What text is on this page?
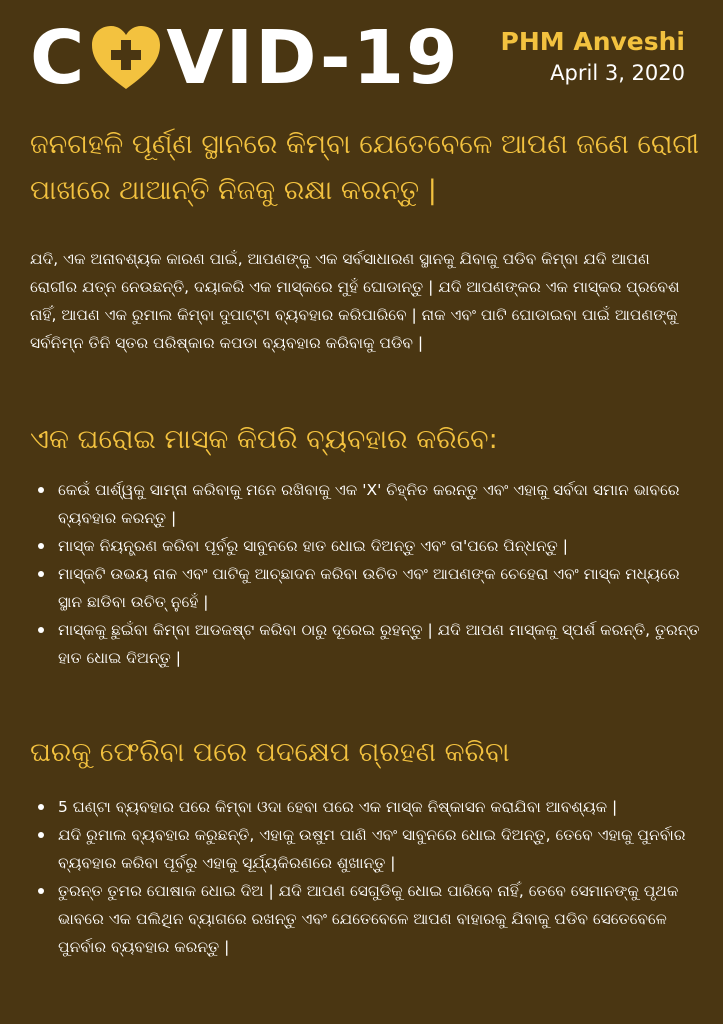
C VID-19 PHM Anveshi
April 3, 2020
ଜନଗହଳି ପୂର୍ଣ୍ଣ ସ୍ଥାନରେ କିମ୍ବା ଯେତେବେଳେ ଆପଣ ଜଣେ ରୋଗୀ ପାଖରେ ଥାଆନ୍ତି ନିଜକୁ ରକ୍ଷା କରନ୍ତୁ |
ଯଦି, ଏକ ଅନାବଶ୍ୟକ କାରଣ ପାଇଁ, ଆପଣଙ୍କୁ ଏକ ସର୍ବସାଧାରଣ ସ୍ଥାନକୁ ଯିବାକୁ ପଡିବ କିମ୍ବା ଯଦି ଆପଣ ରୋଗୀର ଯତ୍ନ ନେଉଛନ୍ତି, ଦୟାକରି ଏକ ମାସ୍କରେ ମୁହଁ ଘୋଡାନ୍ତୁ | ଯଦି ଆପଣଙ୍କର ଏକ ମାସ୍କର ପ୍ରବେଶ ନାହିଁ, ଆପଣ ଏକ ରୁମାଲ କିମ୍ବା ଦୁପାଟ୍ଟା ବ୍ୟବହାର କରିପାରିବେ | ନାକ ଏବଂ ପାଟି ଘୋଡାଇବା ପାଇଁ ଆପଣଙ୍କୁ ସର୍ବନିମ୍ନ ତିନି ସ୍ତର ପରିଷ୍କାର କପଡା ବ୍ୟବହାର କରିବାକୁ ପଡିବ |
ଏକ ଘରୋଇ ମାସ୍କ କିପରି ବ୍ୟବହାର କରିବେ:
କେଉଁ ପାର୍ଶ୍ୱକୁ ସାମ୍ନା କରିବାକୁ ମନେ ରଖିବାକୁ ଏକ 'X' ଚିହ୍ନିତ କରନ୍ତୁ ଏବଂ ଏହାକୁ ସର୍ବଦା ସମାନ ଭାବରେ ବ୍ୟବହାର କରନ୍ତୁ |
ମାସ୍କ ନିୟନ୍ତ୍ରଣ କରିବା ପୂର୍ବରୁ ସାବୁନରେ ହାତ ଧୋଇ ଦିଅନ୍ତୁ ଏବଂ ତା'ପରେ ପିନ୍ଧନ୍ତୁ |
ମାସ୍କଟି ଉଭୟ ନାକ ଏବଂ ପାଟିକୁ ଆଚ୍ଛାଦନ କରିବା ଉଚିତ ଏବଂ ଆପଣଙ୍କ ଚେହେରା ଏବଂ ମାସ୍କ ମଧ୍ୟରେ ସ୍ଥାନ ଛାଡିବା ଉଚିତ୍ ନୁହେଁ |
ମାସ୍କକୁ ଛୁଇଁବା କିମ୍ବା ଆଡଜଷ୍ଟ କରିବା ଠାରୁ ଦୂରେଇ ରୁହନ୍ତୁ | ଯଦି ଆପଣ ମାସ୍କକୁ ସ୍ପର୍ଶ କରନ୍ତି, ତୁରନ୍ତ ହାତ ଧୋଇ ଦିଅନ୍ତୁ |
ଘରକୁ ଫେରିବା ପରେ ପଦକ୍ଷେପ ଗ୍ରହଣ କରିବା
5 ଘଣ୍ଟା ବ୍ୟବହାର ପରେ କିମ୍ବା ଓଦା ହେବା ପରେ ଏକ ମାସ୍କ ନିଷ୍କାସନ କରାଯିବା ଆବଶ୍ୟକ |
ଯଦି ରୁମାଲ ବ୍ୟବହାର କରୁଛନ୍ତି, ଏହାକୁ ଉଷୁମ ପାଣି ଏବଂ ସାବୁନରେ ଧୋଇ ଦିଅନ୍ତୁ, ତେବେ ଏହାକୁ ପୁନର୍ବାର ବ୍ୟବହାର କରିବା ପୂର୍ବରୁ ଏହାକୁ ସୂର୍ଯ୍ୟକିରଣରେ ଶୁଖାନ୍ତୁ |
ତୁରନ୍ତ ତୁମର ପୋଷାକ ଧୋଇ ଦିଅ | ଯଦି ଆପଣ ସେଗୁଡିକୁ ଧୋଇ ପାରିବେ ନାହିଁ, ତେବେ ସେମାନଙ୍କୁ ପୃଥକ ଭାବରେ ଏକ ପଲିଥିନ ବ୍ୟାଗରେ ରଖନ୍ତୁ ଏବଂ ଯେତେବେଳେ ଆପଣ ବାହାରକୁ ଯିବାକୁ ପଡିବ ସେତେବେଳେ ପୁନର୍ବାର ବ୍ୟବହାର କରନ୍ତୁ |
